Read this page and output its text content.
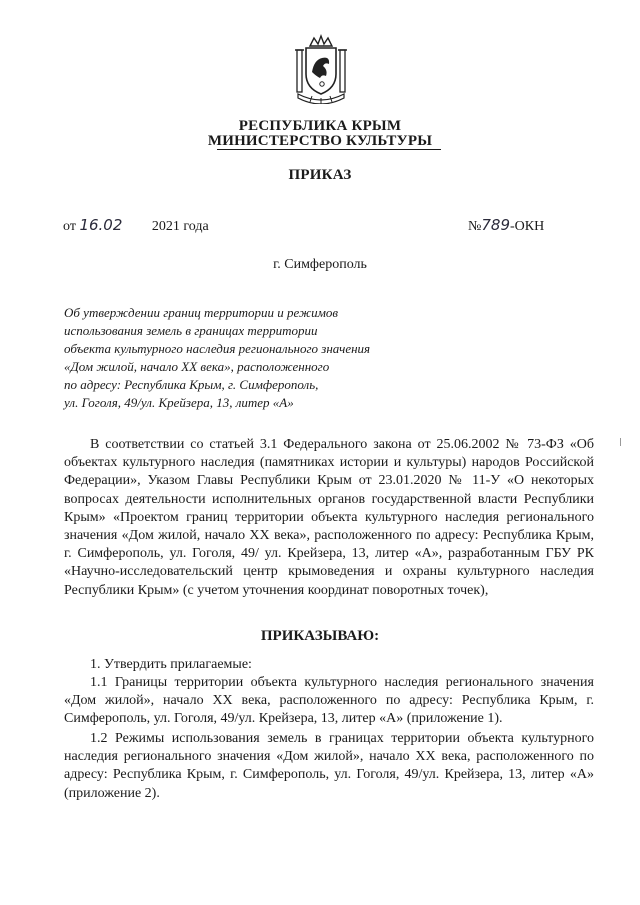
РЕСПУБЛИКА КРЫМ
МИНИСТЕРСТВО КУЛЬТУРЫ
ПРИКАЗ
от 16.02 2021 года	№789-ОКН
г. Симферополь
Об утверждении границ территории и режимов
использования земель в границах территории
объекта культурного наследия регионального значения
«Дом жилой, начало XX века», расположенного
по адресу: Республика Крым, г. Симферополь,
ул. Гоголя, 49/ул. Крейзера, 13, литер «А»
В соответствии со статьей 3.1 Федерального закона от 25.06.2002 № 73-ФЗ «Об объектах культурного наследия (памятниках истории и культуры) народов Российской Федерации», Указом Главы Республики Крым от 23.01.2020 № 11-У «О некоторых вопросах деятельности исполнительных органов государственной власти Республики Крым» «Проектом границ территории объекта культурного наследия регионального значения «Дом жилой, начало XX века», расположенного по адресу: Республика Крым, г. Симферополь, ул. Гоголя, 49/ ул. Крейзера, 13, литер «А», разработанным ГБУ РК «Научно-исследовательский центр крымоведения и охраны культурного наследия Республики Крым» (с учетом уточнения координат поворотных точек),
ПРИКАЗЫВАЮ:
1. Утвердить прилагаемые:
1.1 Границы территории объекта культурного наследия регионального значения «Дом жилой», начало XX века, расположенного по адресу: Республика Крым, г. Симферополь, ул. Гоголя, 49/ул. Крейзера, 13, литер «А» (приложение 1).
1.2 Режимы использования земель в границах территории объекта культурного наследия регионального значения «Дом жилой», начало XX века, расположенного по адресу: Республика Крым, г. Симферополь, ул. Гоголя, 49/ул. Крейзера, 13, литер «А» (приложение 2).
